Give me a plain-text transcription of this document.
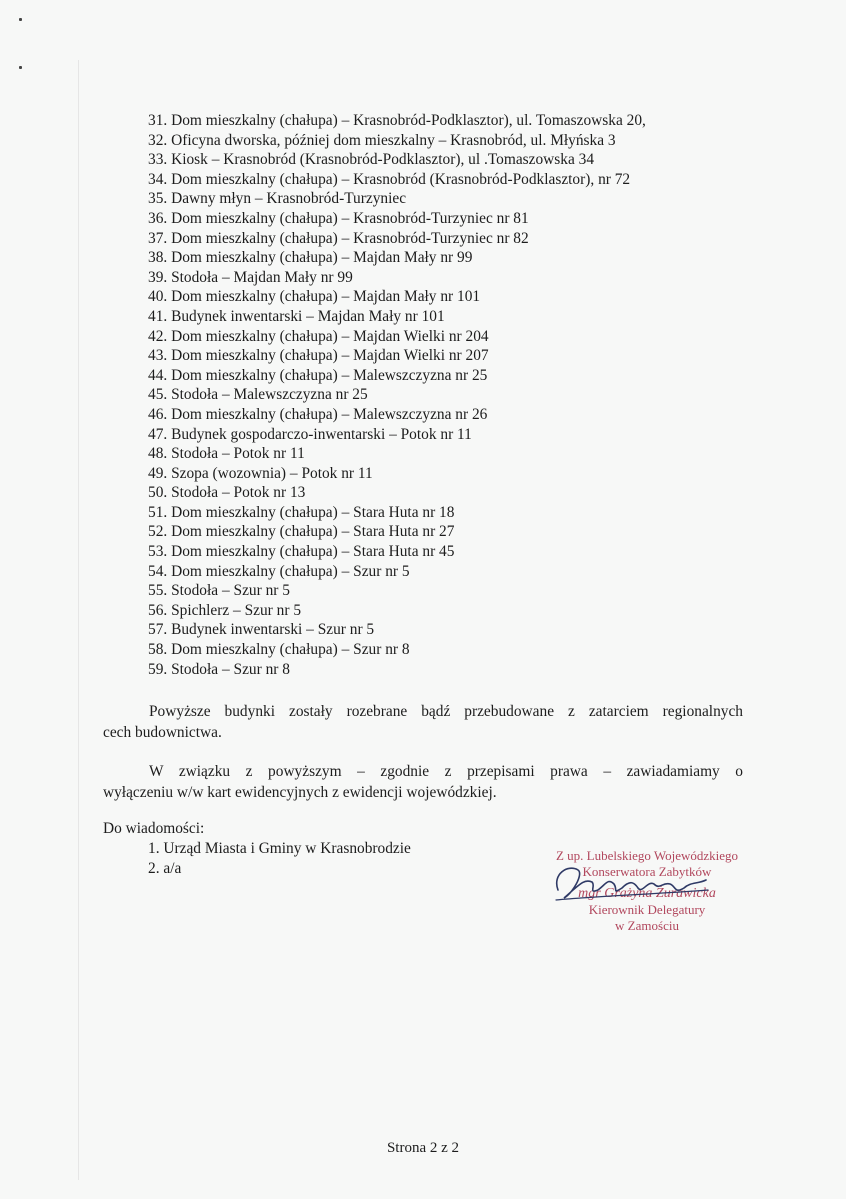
31. Dom mieszkalny (chałupa) – Krasnobród-Podklasztor), ul. Tomaszowska 20,
32. Oficyna dworska, później dom mieszkalny – Krasnobród, ul. Młyńska 3
33. Kiosk – Krasnobród (Krasnobród-Podklasztor), ul .Tomaszowska 34
34. Dom mieszkalny (chałupa) – Krasnobród (Krasnobród-Podklasztor), nr 72
35. Dawny młyn – Krasnobród-Turzyniec
36. Dom mieszkalny (chałupa) – Krasnobród-Turzyniec nr 81
37. Dom mieszkalny (chałupa) – Krasnobród-Turzyniec nr 82
38. Dom mieszkalny (chałupa) – Majdan Mały nr 99
39. Stodoła – Majdan Mały nr 99
40. Dom mieszkalny (chałupa) – Majdan Mały nr 101
41. Budynek inwentarski – Majdan Mały nr 101
42. Dom mieszkalny (chałupa) – Majdan Wielki nr 204
43. Dom mieszkalny (chałupa) – Majdan Wielki nr 207
44. Dom mieszkalny (chałupa) – Malewszczyzna nr 25
45. Stodoła – Malewszczyzna nr 25
46. Dom mieszkalny (chałupa) – Malewszczyzna nr 26
47. Budynek gospodarczo-inwentarski – Potok nr 11
48. Stodoła – Potok nr 11
49. Szopa (wozownia) – Potok nr 11
50. Stodoła – Potok nr 13
51. Dom mieszkalny (chałupa) – Stara Huta nr 18
52. Dom mieszkalny (chałupa) – Stara Huta nr 27
53. Dom mieszkalny (chałupa) – Stara Huta nr 45
54. Dom mieszkalny (chałupa) – Szur nr 5
55. Stodoła – Szur nr 5
56. Spichlerz – Szur nr 5
57. Budynek inwentarski – Szur nr 5
58. Dom mieszkalny (chałupa) – Szur nr 8
59. Stodoła – Szur nr 8

Powyższe budynki zostały rozebrane bądź przebudowane z zatarciem regionalnych
cech budownictwa.

W związku z powyższym – zgodnie z przepisami prawa – zawiadamiamy o
wyłączeniu w/w kart ewidencyjnych z ewidencji wojewódzkiej.

Do wiadomości:

1. Urząd Miasta i Gminy w Krasnobrodzie
2. a/a
Z up. Lubelskiego Wojewódzkiego
Konserwatora Zabytków
mgr Grażyna Żurawicka
Kierownik Delegatury
w Zamościu
Strona 2 z 2
